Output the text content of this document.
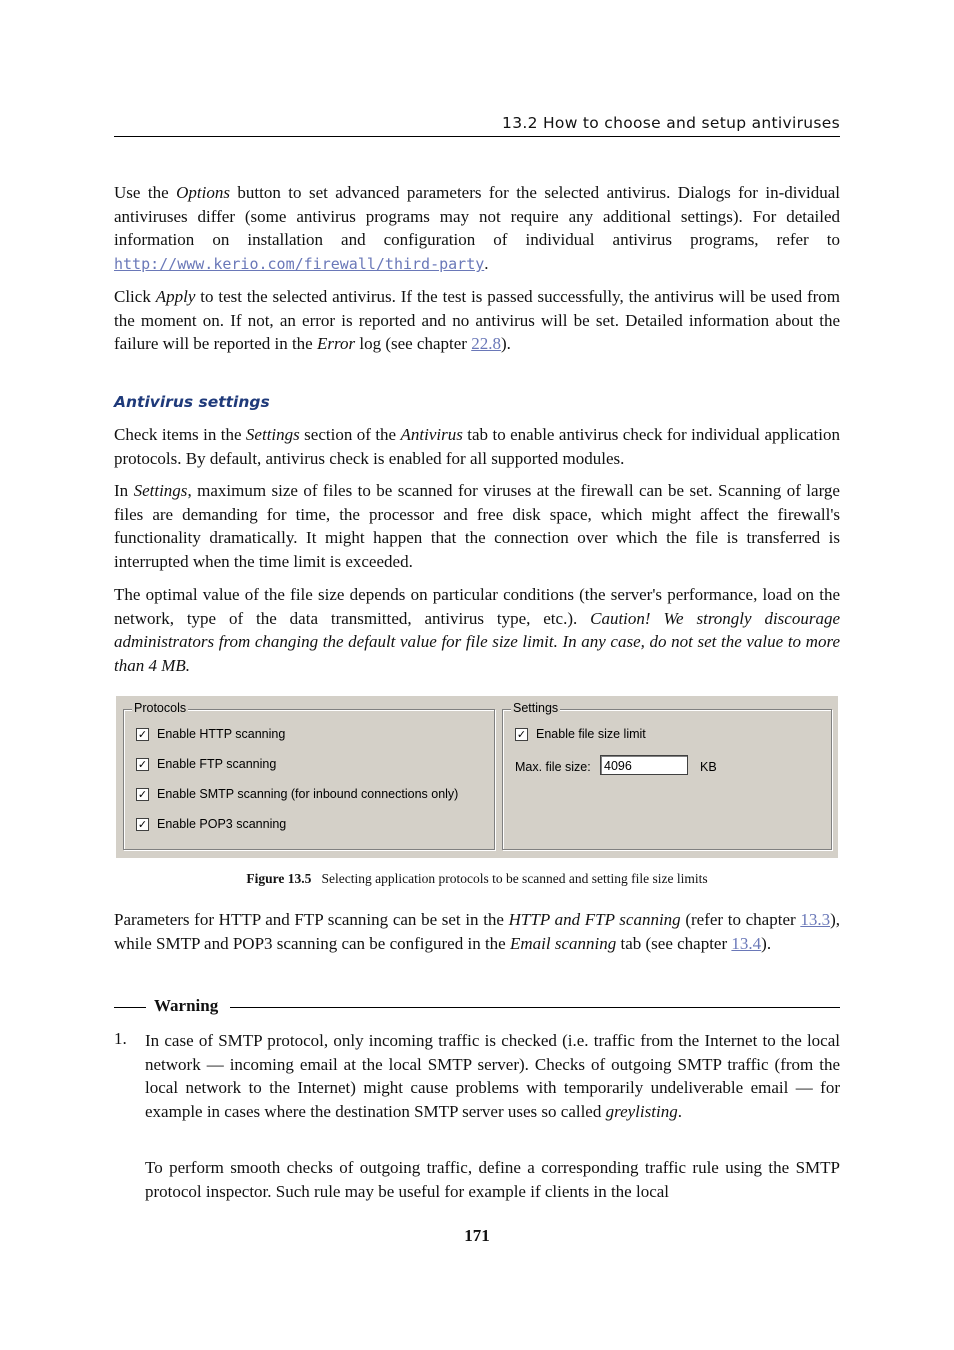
13.2 How to choose and setup antiviruses

Use the Options button to set advanced parameters for the selected antivirus. Dialogs for in-dividual antiviruses differ (some antivirus programs may not require any additional settings). For detailed information on installation and configuration of individual antivirus programs, refer to http://www.kerio.com/firewall/third-party.

Click Apply to test the selected antivirus. If the test is passed successfully, the antivirus will be used from the moment on. If not, an error is reported and no antivirus will be set. Detailed information about the failure will be reported in the Error log (see chapter 22.8).

Antivirus settings

Check items in the Settings section of the Antivirus tab to enable antivirus check for individual application protocols. By default, antivirus check is enabled for all supported modules.

In Settings, maximum size of files to be scanned for viruses at the firewall can be set. Scanning of large files are demanding for time, the processor and free disk space, which might affect the firewall's functionality dramatically. It might happen that the connection over which the file is transferred is interrupted when the time limit is exceeded.

The optimal value of the file size depends on particular conditions (the server's performance, load on the network, type of the data transmitted, antivirus type, etc.). Caution! We strongly discourage administrators from changing the default value for file size limit. In any case, do not set the value to more than 4 MB.

Protocols
✓ Enable HTTP scanning
✓ Enable FTP scanning
✓ Enable SMTP scanning (for inbound connections only)
✓ Enable POP3 scanning
Settings
✓ Enable file size limit
Max. file size:	4096	KB
Figure 13.5 Selecting application protocols to be scanned and setting file size limits

Parameters for HTTP and FTP scanning can be set in the HTTP and FTP scanning (refer to chapter 13.3), while SMTP and POP3 scanning can be configured in the Email scanning tab (see chapter 13.4).

Warning
1. In case of SMTP protocol, only incoming traffic is checked (i.e. traffic from the Internet to the local network — incoming email at the local SMTP server). Checks of outgoing SMTP traffic (from the local network to the Internet) might cause problems with temporarily undeliverable email — for example in cases where the destination SMTP server uses so called greylisting.

To perform smooth checks of outgoing traffic, define a corresponding traffic rule using the SMTP protocol inspector. Such rule may be useful for example if clients in the local

171
